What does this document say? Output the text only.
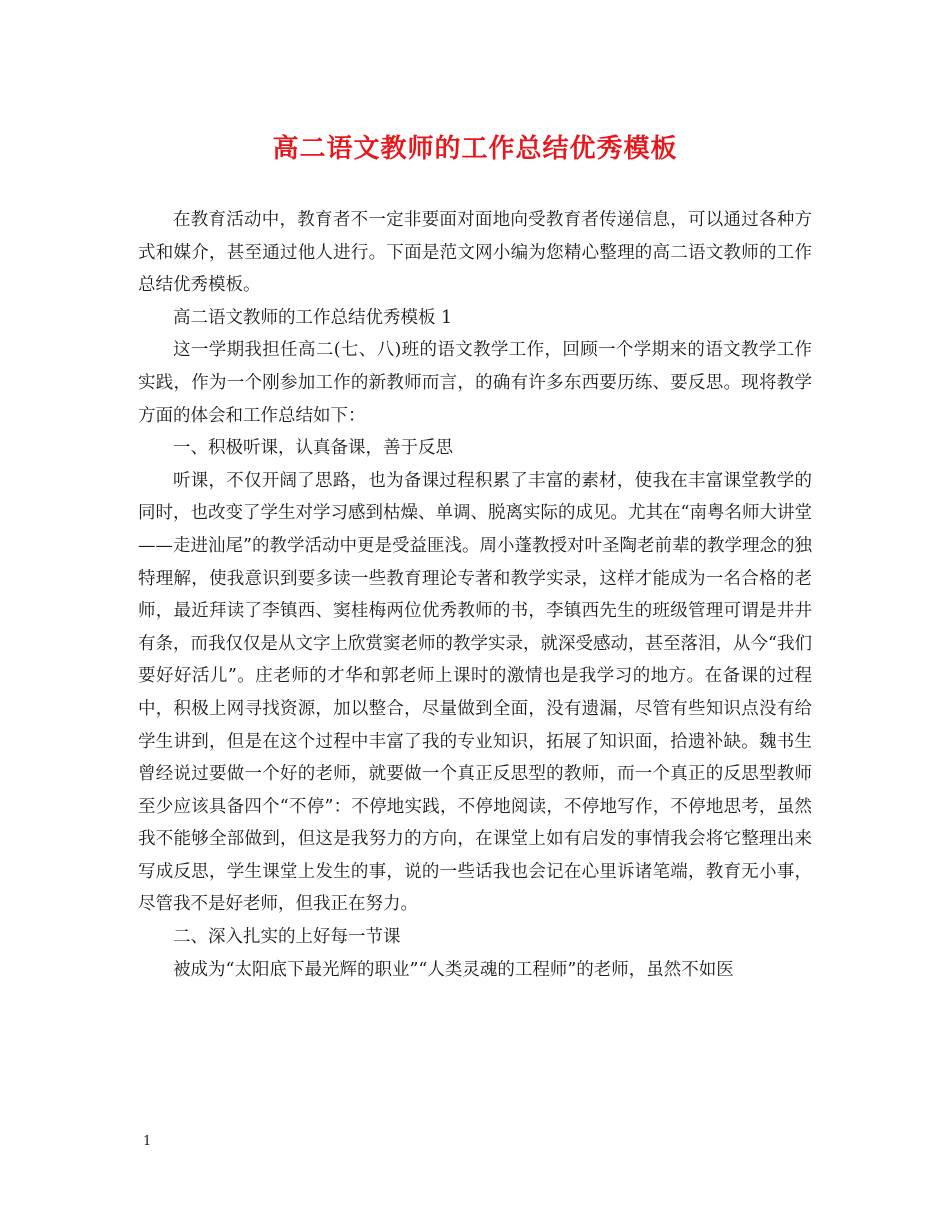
高二语文教师的工作总结优秀模板

在教育活动中，教育者不一定非要面对面地向受教育者传递信息，可以通过各种方式和媒介，甚至通过他人进行。下面是范文网小编为您精心整理的高二语文教师的工作总结优秀模板。

高二语文教师的工作总结优秀模板 1

这一学期我担任高二(七、八)班的语文教学工作，回顾一个学期来的语文教学工作实践，作为一个刚参加工作的新教师而言，的确有许多东西要历练、要反思。现将教学方面的体会和工作总结如下：

一、积极听课，认真备课，善于反思

听课，不仅开阔了思路，也为备课过程积累了丰富的素材，使我在丰富课堂教学的同时，也改变了学生对学习感到枯燥、单调、脱离实际的成见。尤其在“南粤名师大讲堂——走进汕尾”的教学活动中更是受益匪浅。周小蓬教授对叶圣陶老前辈的教学理念的独特理解，使我意识到要多读一些教育理论专著和教学实录，这样才能成为一名合格的老师，最近拜读了李镇西、窦桂梅两位优秀教师的书，李镇西先生的班级管理可谓是井井有条，而我仅仅是从文字上欣赏窦老师的教学实录，就深受感动，甚至落泪，从今“我们要好好活儿”。庄老师的才华和郭老师上课时的激情也是我学习的地方。在备课的过程中，积极上网寻找资源，加以整合，尽量做到全面，没有遗漏，尽管有些知识点没有给学生讲到，但是在这个过程中丰富了我的专业知识，拓展了知识面，拾遗补缺。魏书生曾经说过要做一个好的老师，就要做一个真正反思型的教师，而一个真正的反思型教师至少应该具备四个“不停”：不停地实践，不停地阅读，不停地写作，不停地思考，虽然我不能够全部做到，但这是我努力的方向，在课堂上如有启发的事情我会将它整理出来写成反思，学生课堂上发生的事，说的一些话我也会记在心里诉诸笔端，教育无小事，尽管我不是好老师，但我正在努力。

二、深入扎实的上好每一节课

被成为“太阳底下最光辉的职业”“人类灵魂的工程师”的老师，虽然不如医

1
